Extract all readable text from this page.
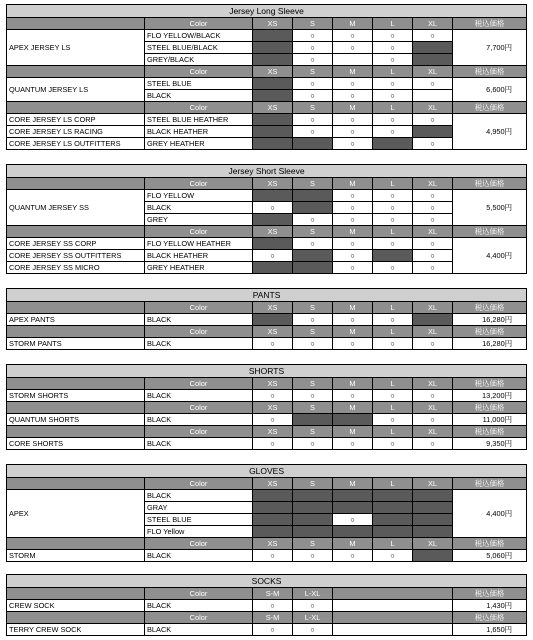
Jersey Long Sleeve							
	Color	XS	S	M	L	XL	税込価格
APEX JERSEY LS	FLO YELLOW/BLACK		○	○	○	○	7,700円
	STEEL BLUE/BLACK		○	○	○		
	GREY/BLACK		○		○		
	Color	XS	S	M	L	XL	税込価格
QUANTUM JERSEY LS	STEEL BLUE		○	○	○	○	6,600円
	BLACK		○	○	○		
	Color	XS	S	M	L	XL	税込価格
CORE JERSEY LS CORP	STEEL BLUE HEATHER		○	○	○	○	4,950円
CORE JERSEY LS RACING	BLACK HEATHER		○	○	○		
CORE JERSEY LS OUTFITTERS	GREY HEATHER			○		○	
Jersey Short Sleeve							
	Color	XS	S	M	L	XL	税込価格
QUANTUM JERSEY SS	FLO YELLOW			○	○	○	5,500円
	BLACK	○		○	○	○	
	GREY		○	○	○	○	
	Color	XS	S	M	L	XL	税込価格
CORE JERSEY SS CORP	FLO YELLOW HEATHER		○	○	○	○	4,400円
CORE JERSEY SS OUTFITTERS	BLACK HEATHER	○		○		○	
CORE JERSEY SS MICRO	GREY HEATHER			○	○	○	
PANTS							
	Color	XS	S	M	L	XL	税込価格
APEX PANTS	BLACK		○	○	○		16,280円
	Color	XS	S	M	L	XL	税込価格
STORM PANTS	BLACK	○	○	○	○	○	16,280円
SHORTS							
	Color	XS	S	M	L	XL	税込価格
STORM SHORTS	BLACK	○	○	○	○	○	13,200円
	Color	XS	S	M	L	XL	税込価格
QUANTUM SHORTS	BLACK	○			○	○	11,000円
	Color	XS	S	M	L	XL	税込価格
CORE SHORTS	BLACK	○	○	○	○	○	9,350円
GLOVES							
	Color	XS	S	M	L	XL	税込価格
APEX	BLACK						4,400円
	GRAY						
	STEEL BLUE			○			
	FLO Yellow						
	Color	XS	S	M	L	XL	税込価格
STORM	BLACK	○	○	○	○		5,060円
SOCKS					
	Color	S-M	L-XL		税込価格
CREW SOCK	BLACK	○	○		1,430円
	Color	S-M	L-XL		税込価格
TERRY CREW SOCK	BLACK	○	○		1,650円
